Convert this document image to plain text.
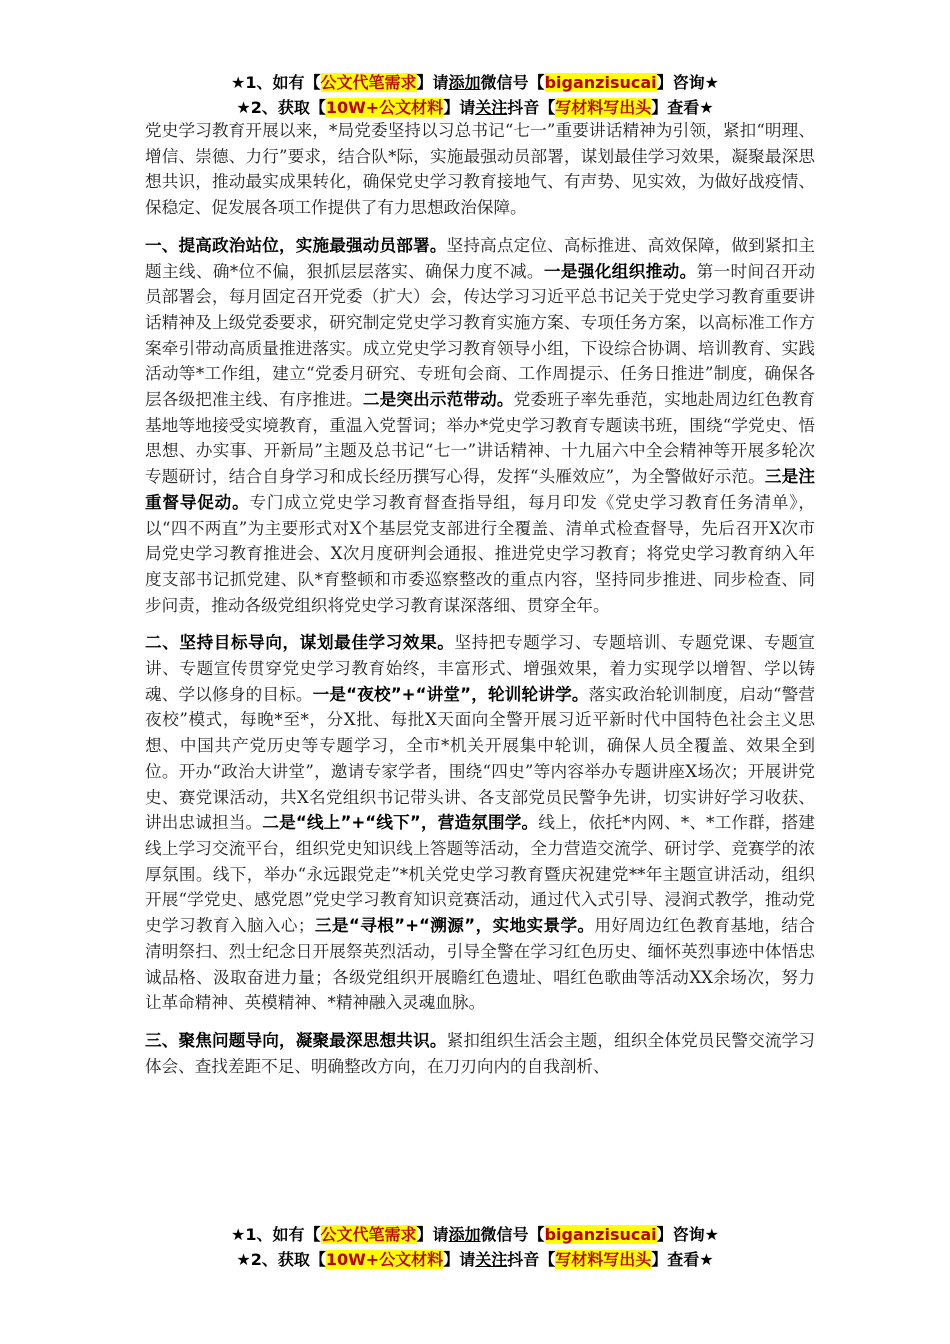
★1、如有【公文代笔需求】请添加微信号【biganzisucai】咨询★
★2、获取【10W+公文材料】请关注抖音【写材料写出头】查看★

党史学习教育开展以来，*局党委坚持以习总书记“七一”重要讲话精神为引领，紧扣“明理、增信、崇德、力行”要求，结合队*际，实施最强动员部署，谋划最佳学习效果，凝聚最深思想共识，推动最实成果转化，确保党史学习教育接地气、有声势、见实效，为做好战疫情、保稳定、促发展各项工作提供了有力思想政治保障。

一、提高政治站位，实施最强动员部署。坚持高点定位、高标推进、高效保障，做到紧扣主题主线、确*位不偏，狠抓层层落实、确保力度不减。一是强化组织推动。第一时间召开动员部署会，每月固定召开党委（扩大）会，传达学习习近平总书记关于党史学习教育重要讲话精神及上级党委要求，研究制定党史学习教育实施方案、专项任务方案，以高标准工作方案牵引带动高质量推进落实。成立党史学习教育领导小组，下设综合协调、培训教育、实践活动等*工作组，建立“党委月研究、专班旬会商、工作周提示、任务日推进”制度，确保各层各级把准主线、有序推进。二是突出示范带动。党委班子率先垂范，实地赴周边红色教育基地等地接受实境教育，重温入党誓词；举办*党史学习教育专题读书班，围绕“学党史、悟思想、办实事、开新局”主题及总书记“七一”讲话精神、十九届六中全会精神等开展多轮次专题研讨，结合自身学习和成长经历撰写心得，发挥“头雁效应”，为全警做好示范。三是注重督导促动。专门成立党史学习教育督查指导组，每月印发《党史学习教育任务清单》，以“四不两直”为主要形式对X个基层党支部进行全覆盖、清单式检查督导，先后召开X次市局党史学习教育推进会、X次月度研判会通报、推进党史学习教育；将党史学习教育纳入年度支部书记抓党建、队*育整顿和市委巡察整改的重点内容，坚持同步推进、同步检查、同步问责，推动各级党组织将党史学习教育谋深落细、贯穿全年。

二、坚持目标导向，谋划最佳学习效果。坚持把专题学习、专题培训、专题党课、专题宣讲、专题宣传贯穿党史学习教育始终，丰富形式、增强效果，着力实现学以增智、学以铸魂、学以修身的目标。一是“夜校”+“讲堂”，轮训轮讲学。落实政治轮训制度，启动“警营夜校”模式，每晚*至*，分X批、每批X天面向全警开展习近平新时代中国特色社会主义思想、中国共产党历史等专题学习，全市*机关开展集中轮训，确保人员全覆盖、效果全到位。开办“政治大讲堂”，邀请专家学者，围绕“四史”等内容举办专题讲座X场次；开展讲党史、赛党课活动，共X名党组织书记带头讲、各支部党员民警争先讲，切实讲好学习收获、讲出忠诚担当。二是“线上”+“线下”，营造氛围学。线上，依托*内网、*、*工作群，搭建线上学习交流平台，组织党史知识线上答题等活动，全力营造交流学、研讨学、竞赛学的浓厚氛围。线下，举办“永远跟党走”*机关党史学习教育暨庆祝建党**年主题宣讲活动，组织开展“学党史、感党恩”党史学习教育知识竞赛活动，通过代入式引导、浸润式教学，推动党史学习教育入脑入心；三是“寻根”+“溯源”，实地实景学。用好周边红色教育基地，结合清明祭扫、烈士纪念日开展祭英烈活动，引导全警在学习红色历史、缅怀英烈事迹中体悟忠诚品格、汲取奋进力量；各级党组织开展瞻红色遗址、唱红色歌曲等活动XX余场次，努力让革命精神、英模精神、*精神融入灵魂血脉。

三、聚焦问题导向，凝聚最深思想共识。紧扣组织生活会主题，组织全体党员民警交流学习体会、查找差距不足、明确整改方向，在刀刃向内的自我剖析、

★1、如有【公文代笔需求】请添加微信号【biganzisucai】咨询★
★2、获取【10W+公文材料】请关注抖音【写材料写出头】查看★
